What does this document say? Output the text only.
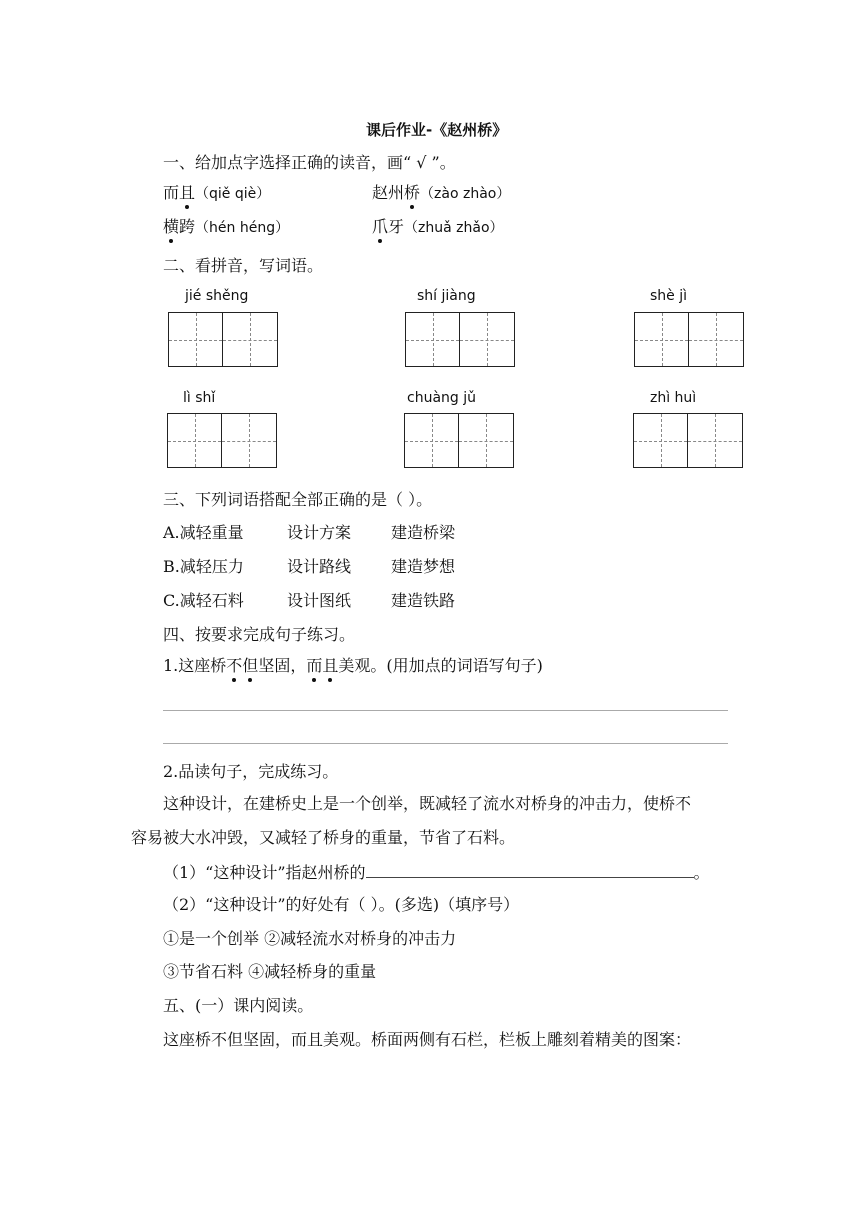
课后作业-《赵州桥》
一、给加点字选择正确的读音，画“ √ ”。
而且（qiě qiè）	赵州桥（zào zhào）
横跨（hén héng）	爪牙（zhuǎ zhǎo）
二、看拼音，写词语。
jié shěng	shí jiàng	shè jì
lì shǐ	chuàng jǔ	zhì huì
三、下列词语搭配全部正确的是（ ）。
A.减轻重量	设计方案 建造桥梁
B.减轻压力	设计路线 建造梦想
C.减轻石料	设计图纸 建造铁路
四、按要求完成句子练习。
1.这座桥不但坚固，而且美观。(用加点的词语写句子)
2.品读句子，完成练习。
这种设计，在建桥史上是一个创举，既减轻了流水对桥身的冲击力，使桥不
容易被大水冲毁，又减轻了桥身的重量，节省了石料。
（1）“这种设计”指赵州桥的	。
（2）“这种设计”的好处有（ ）。(多选)（填序号）
①是一个创举 ②减轻流水对桥身的冲击力
③节省石料 ④减轻桥身的重量
五、(一）课内阅读。
这座桥不但坚固，而且美观。桥面两侧有石栏，栏板上雕刻着精美的图案：
